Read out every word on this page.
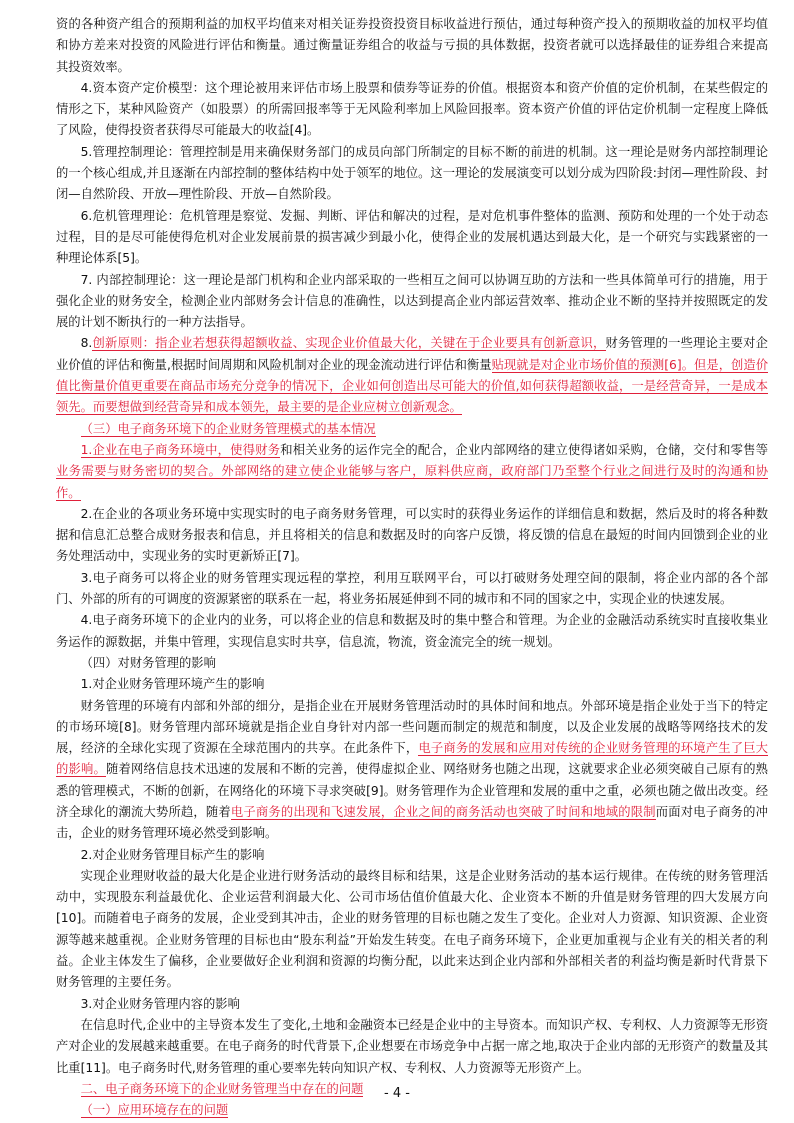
资的各种资产组合的预期利益的加权平均值来对相关证券投资投资目标收益进行预估，通过每种资产投入的预期收益的加权平均值和协方差来对投资的风险进行评估和衡量。通过衡量证券组合的收益与亏损的具体数据，投资者就可以选择最佳的证券组合来提高其投资效率。

4.资本资产定价模型：这个理论被用来评估市场上股票和债券等证券的价值。根据资本和资产价值的定价机制，在某些假定的情形之下，某种风险资产（如股票）的所需回报率等于无风险利率加上风险回报率。资本资产价值的评估定价机制一定程度上降低了风险，使得投资者获得尽可能最大的收益[4]。

5.管理控制理论：管理控制是用来确保财务部门的成员向部门所制定的目标不断的前进的机制。这一理论是财务内部控制理论的一个核心组成,并且逐渐在内部控制的整体结构中处于领军的地位。这一理论的发展演变可以划分成为四阶段:封闭—理性阶段、封闭—自然阶段、开放—理性阶段、开放—自然阶段。

6.危机管理理论：危机管理是察觉、发掘、判断、评估和解决的过程，是对危机事件整体的监测、预防和处理的一个处于动态过程，目的是尽可能使得危机对企业发展前景的损害减少到最小化，使得企业的发展机遇达到最大化，是一个研究与实践紧密的一种理论体系[5]。

7. 内部控制理论：这一理论是部门机构和企业内部采取的一些相互之间可以协调互助的方法和一些具体简单可行的措施，用于强化企业的财务安全，检测企业内部财务会计信息的准确性，以达到提高企业内部运营效率、推动企业不断的坚持并按照既定的发展的计划不断执行的一种方法指导。

8.创新原则：指企业若想获得超额收益、实现企业价值最大化，关键在于企业要具有创新意识，财务管理的一些理论主要对企业价值的评估和衡量,根据时间周期和风险机制对企业的现金流动进行评估和衡量贴现就是对企业市场价值的预测[6]。但是，创造价值比衡量价值更重要在商品市场充分竞争的情况下，企业如何创造出尽可能大的价值,如何获得超额收益，一是经营奇异，一是成本领先。而要想做到经营奇异和成本领先，最主要的是企业应树立创新观念。

（三）电子商务环境下的企业财务管理模式的基本情况

1.企业在电子商务环境中，使得财务和相关业务的运作完全的配合，企业内部网络的建立使得诸如采购，仓储，交付和零售等业务需要与财务密切的契合。外部网络的建立使企业能够与客户，原料供应商，政府部门乃至整个行业之间进行及时的沟通和协作。

2.在企业的各项业务环境中实现实时的电子商务财务管理，可以实时的获得业务运作的详细信息和数据，然后及时的将各种数据和信息汇总整合成财务报表和信息，并且将相关的信息和数据及时的向客户反馈，将反馈的信息在最短的时间内回馈到企业的业务处理活动中，实现业务的实时更新矫正[7]。

3.电子商务可以将企业的财务管理实现远程的掌控，利用互联网平台，可以打破财务处理空间的限制，将企业内部的各个部门、外部的所有的可调度的资源紧密的联系在一起，将业务拓展延伸到不同的城市和不同的国家之中，实现企业的快速发展。

4.电子商务环境下的企业内的业务，可以将企业的信息和数据及时的集中整合和管理。为企业的金融活动系统实时直接收集业务运作的源数据，并集中管理，实现信息实时共享，信息流，物流，资金流完全的统一规划。

（四）对财务管理的影响

1.对企业财务管理环境产生的影响

财务管理的环境有内部和外部的细分，是指企业在开展财务管理活动时的具体时间和地点。外部环境是指企业处于当下的特定的市场环境[8]。财务管理内部环境就是指企业自身针对内部一些问题而制定的规范和制度，以及企业发展的战略等网络技术的发展，经济的全球化实现了资源在全球范围内的共享。在此条件下，电子商务的发展和应用对传统的企业财务管理的环境产生了巨大的影响。随着网络信息技术迅速的发展和不断的完善，使得虚拟企业、网络财务也随之出现，这就要求企业必须突破自己原有的熟悉的管理模式，不断的创新，在网络化的环境下寻求突破[9]。财务管理作为企业管理和发展的重中之重，必须也随之做出改变。经济全球化的潮流大势所趋，随着电子商务的出现和飞速发展，企业之间的商务活动也突破了时间和地域的限制而面对电子商务的冲击，企业的财务管理环境必然受到影响。

2.对企业财务管理目标产生的影响

实现企业理财收益的最大化是企业进行财务活动的最终目标和结果，这是企业财务活动的基本运行规律。在传统的财务管理活动中，实现股东利益最优化、企业运营利润最大化、公司市场估值价值最大化、企业资本不断的升值是财务管理的四大发展方向[10]。而随着电子商务的发展，企业受到其冲击，企业的财务管理的目标也随之发生了变化。企业对人力资源、知识资源、企业资源等越来越重视。企业财务管理的目标也由“股东利益”开始发生转变。在电子商务环境下，企业更加重视与企业有关的相关者的利益。企业主体发生了偏移，企业要做好企业利润和资源的均衡分配，以此来达到企业内部和外部相关者的利益均衡是新时代背景下财务管理的主要任务。

3.对企业财务管理内容的影响

在信息时代,企业中的主导资本发生了变化,土地和金融资本已经是企业中的主导资本。而知识产权、专利权、人力资源等无形资产对企业的发展越来越重要。在电子商务的时代背景下,企业想要在市场竞争中占据一席之地,取决于企业内部的无形资产的数量及其比重[11]。电子商务时代,财务管理的重心要率先转向知识产权、专利权、人力资源等无形资产上。

二、电子商务环境下的企业财务管理当中存在的问题

（一）应用环境存在的问题

- 4 -
